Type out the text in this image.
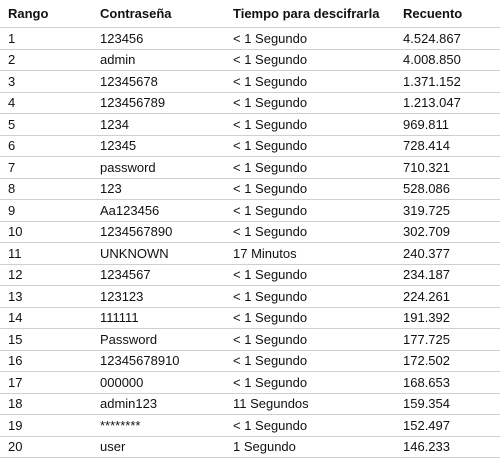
Rango	Contraseña	Tiempo para descifrarla	Recuento
1	123456	< 1 Segundo	4.524.867
2	admin	< 1 Segundo	4.008.850
3	12345678	< 1 Segundo	1.371.152
4	123456789	< 1 Segundo	1.213.047
5	1234	< 1 Segundo	969.811
6	12345	< 1 Segundo	728.414
7	password	< 1 Segundo	710.321
8	123	< 1 Segundo	528.086
9	Aa123456	< 1 Segundo	319.725
10	1234567890	< 1 Segundo	302.709
11	UNKNOWN	17 Minutos	240.377
12	1234567	< 1 Segundo	234.187
13	123123	< 1 Segundo	224.261
14	111111	< 1 Segundo	191.392
15	Password	< 1 Segundo	177.725
16	12345678910	< 1 Segundo	172.502
17	000000	< 1 Segundo	168.653
18	admin123	11 Segundos	159.354
19	********	< 1 Segundo	152.497
20	user	1 Segundo	146.233
